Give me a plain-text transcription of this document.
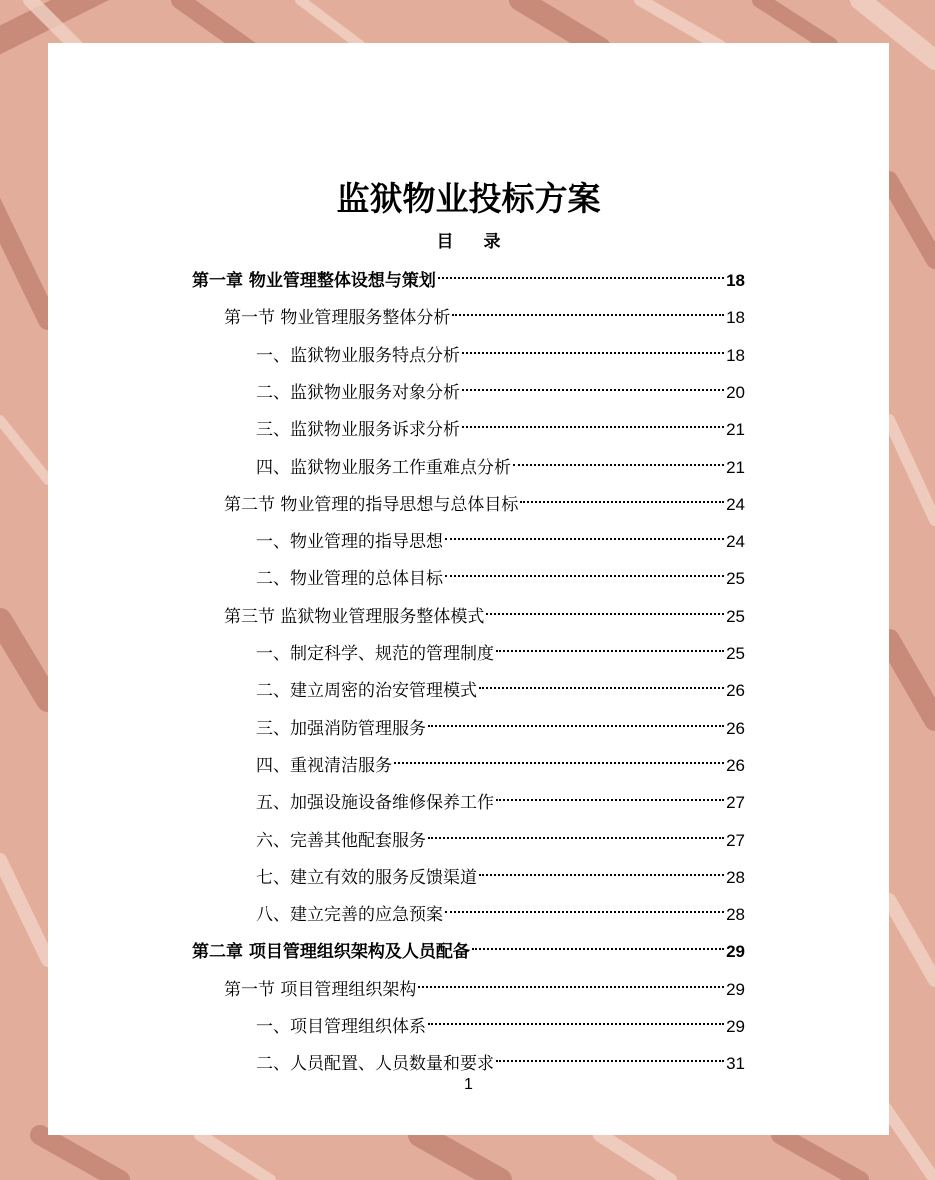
监狱物业投标方案
目 录
第一章 物业管理整体设想与策划	18
第一节 物业管理服务整体分析	18
一、监狱物业服务特点分析	18
二、监狱物业服务对象分析	20
三、监狱物业服务诉求分析	21
四、监狱物业服务工作重难点分析	21
第二节 物业管理的指导思想与总体目标	24
一、物业管理的指导思想	24
二、物业管理的总体目标	25
第三节 监狱物业管理服务整体模式	25
一、制定科学、规范的管理制度	25
二、建立周密的治安管理模式	26
三、加强消防管理服务	26
四、重视清洁服务	26
五、加强设施设备维修保养工作	27
六、完善其他配套服务	27
七、建立有效的服务反馈渠道	28
八、建立完善的应急预案	28
第二章 项目管理组织架构及人员配备	29
第一节 项目管理组织架构	29
一、项目管理组织体系	29
二、人员配置、人员数量和要求	31
1
